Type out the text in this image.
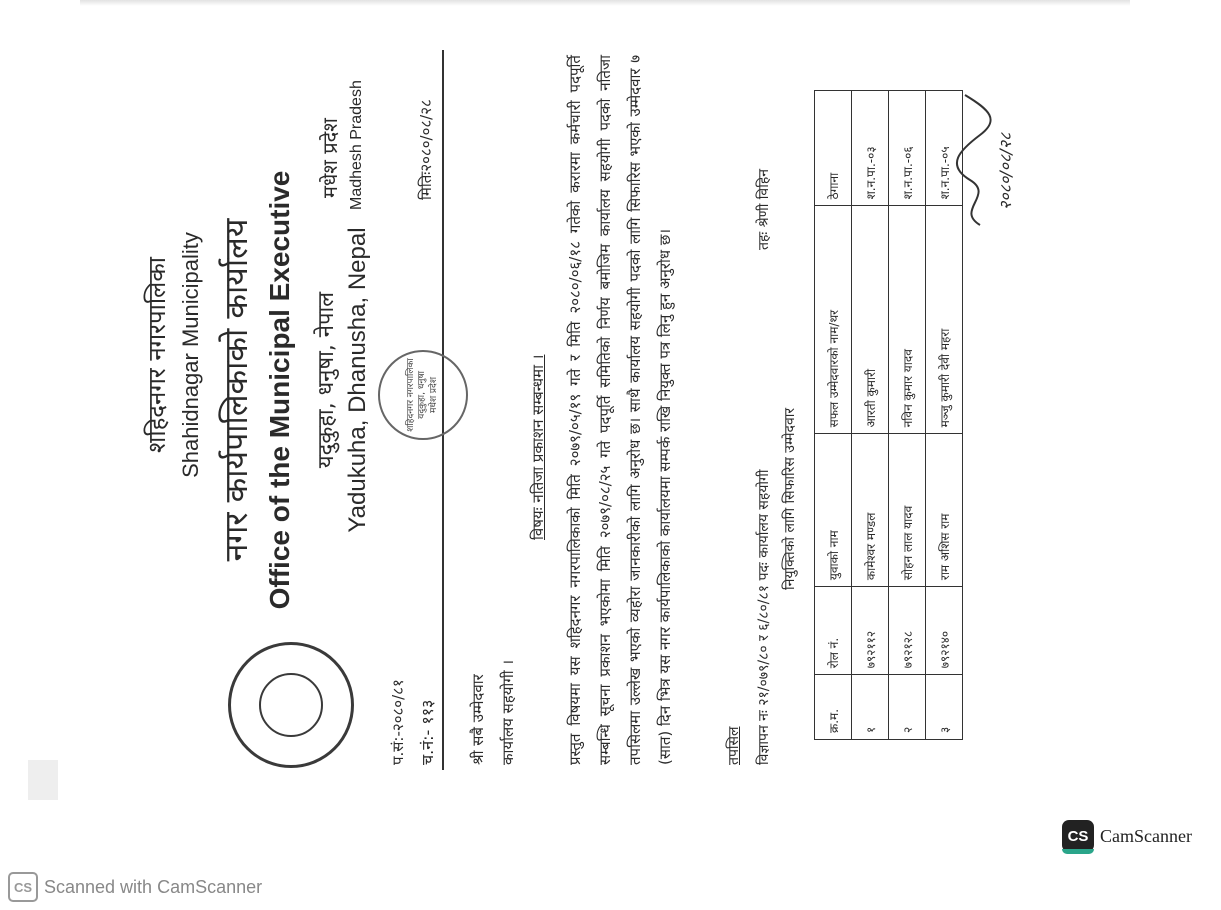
शहिदनगर नगरपालिका Shahidnagar Municipality नगर कार्यपालिकाको कार्यालय Office of the Municipal Executive यदुकुहा, धनुषा, नेपाल Yadukuha, Dhanusha, Nepal
मधेश प्रदेश Madhesh Pradesh
प.सं:-२०८०/८१ च.नं:- ११३
मितिः२०८०/०८/२८
श्री सबै उम्मेदवार कार्यालय सहयोगी ।
शहिदनगर नगरपालिका यदुकुहा, धनुषा मधेश प्रदेश	विषयः नतिजा प्रकाशन सम्बन्धमा ।	प्रस्तुत विषयमा यस शहिदनगर नगरपालिकाको मिति २०७९/०५/१९ गते र मिति २०८०/०६/१८ गतेको करारमा कर्मचारी पदपूर्ति सम्बन्धि सूचना प्रकाशन भएकोमा मिति २०७९/०८/२५ गते पदपूर्ति समितिको निर्णय बमोजिम कार्यालय सहयोगी पदको नतिजा तपसिलमा उल्लेख भएको व्यहोरा जानकारीको लागि अनुरोध छ। साथै कार्यालय सहयोगी पदको लागि सिफारिस भएको उम्मेदवार ७ (सात) दिन भित्र यस नगर कार्यपालिकाको कार्यालयमा सम्पर्क राखि नियुक्त पत्र लिनु हुन अनुरोध छ।	तपसिल विज्ञापन नः २१/०७९/८० र ६/८०/८१ पदः कार्यालय सहयोगी
तहः श्रेणी विहिन
नियुक्तिको लागि सिफारिस उम्मेदवार
क्र.म.	रोल नं.	युवाको नाम	सफल उम्मेदवारको नाम/थर	ठेगाना
१	७९२११२	कामेश्वर मण्डल	आरती कुमारी	श.न.पा.-०३
२	७९२१२८	सोहन लाल यादव	नविन कुमार यादव	श.न.पा.-०६
३	७९२१४०	राम अशिस राम	मञ्जु कुमारी देवी महरा	श.न.पा.-०५	२०८०/०८/२८
CS CamScanner
CS Scanned with CamScanner
